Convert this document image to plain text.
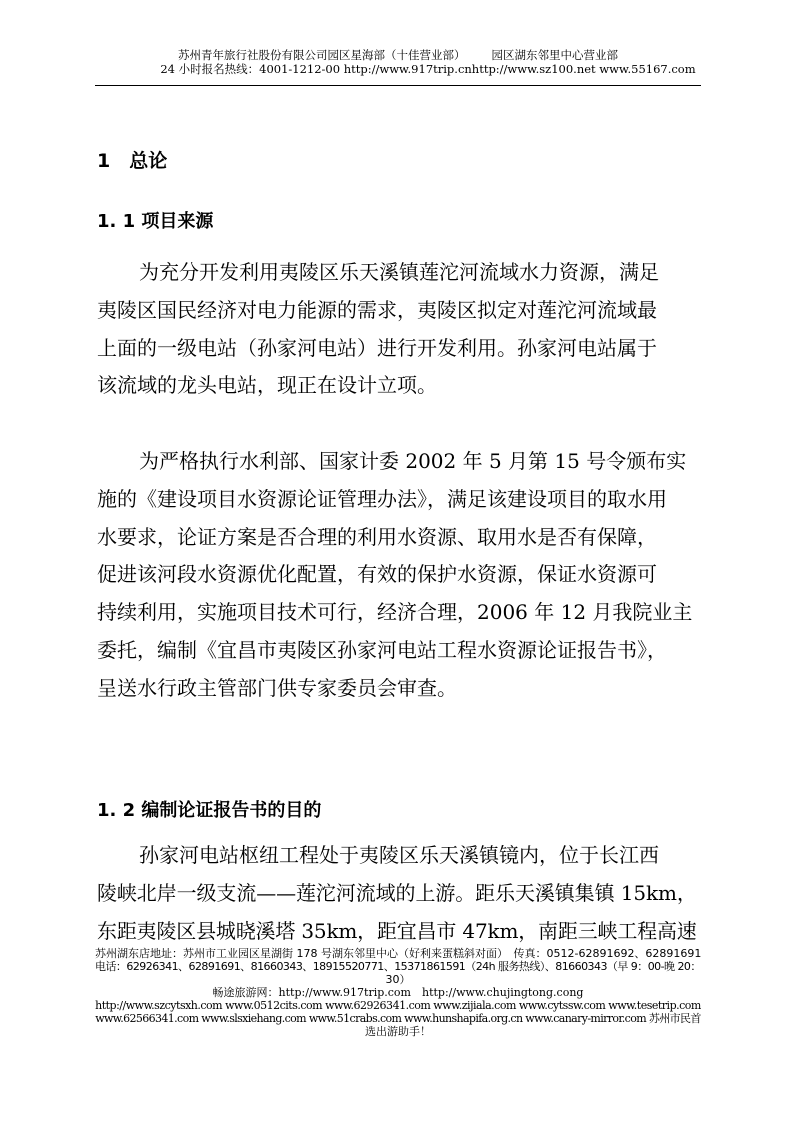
苏州青年旅行社股份有限公司园区星海部（十佳营业部） 园区湖东邻里中心营业部
24 小时报名热线：4001-1212-00 http://www.917trip.cnhttp://www.sz100.net www.55167.com
1　总论
1. 1 项目来源

为充分开发利用夷陵区乐天溪镇莲沱河流域水力资源，满足

夷陵区国民经济对电力能源的需求，夷陵区拟定对莲沱河流域最

上面的一级电站（孙家河电站）进行开发利用。孙家河电站属于

该流域的龙头电站，现正在设计立项。

为严格执行水利部、国家计委 2002 年 5 月第 15 号令颁布实

施的《建设项目水资源论证管理办法》，满足该建设项目的取水用

水要求，论证方案是否合理的利用水资源、取用水是否有保障，

促进该河段水资源优化配置，有效的保护水资源，保证水资源可

持续利用，实施项目技术可行，经济合理，2006 年 12 月我院业主

委托，编制《宜昌市夷陵区孙家河电站工程水资源论证报告书》，

呈送水行政主管部门供专家委员会审查。

1. 2 编制论证报告书的目的

孙家河电站枢纽工程处于夷陵区乐天溪镇镜内，位于长江西

陵峡北岸一级支流——莲沱河流域的上游。距乐天溪镇集镇 15km，

东距夷陵区县城晓溪塔 35km，距宜昌市 47km，南距三峡工程高速

苏州湖东店地址：苏州市工业园区星湖街 178 号湖东邻里中心（好利来蛋糕斜对面）　传真：0512-62891692、62891691
电话：62926341、62891691、81660343、18915520771、15371861591（24h 服务热线）、81660343（早 9：00-晚 20：
30）
畅途旅游网：http://www.917trip.com　http://www.chujingtong.cong
http://www.szcytsxh.com www.0512cits.com www.62926341.com www.zijiala.com www.cytssw.com www.tesetrip.com
www.62566341.com www.slsxiehang.com www.51crabs.com www.hunshapifa.org.cn www.canary-mirror.com 苏州市民首
选出游助手！
